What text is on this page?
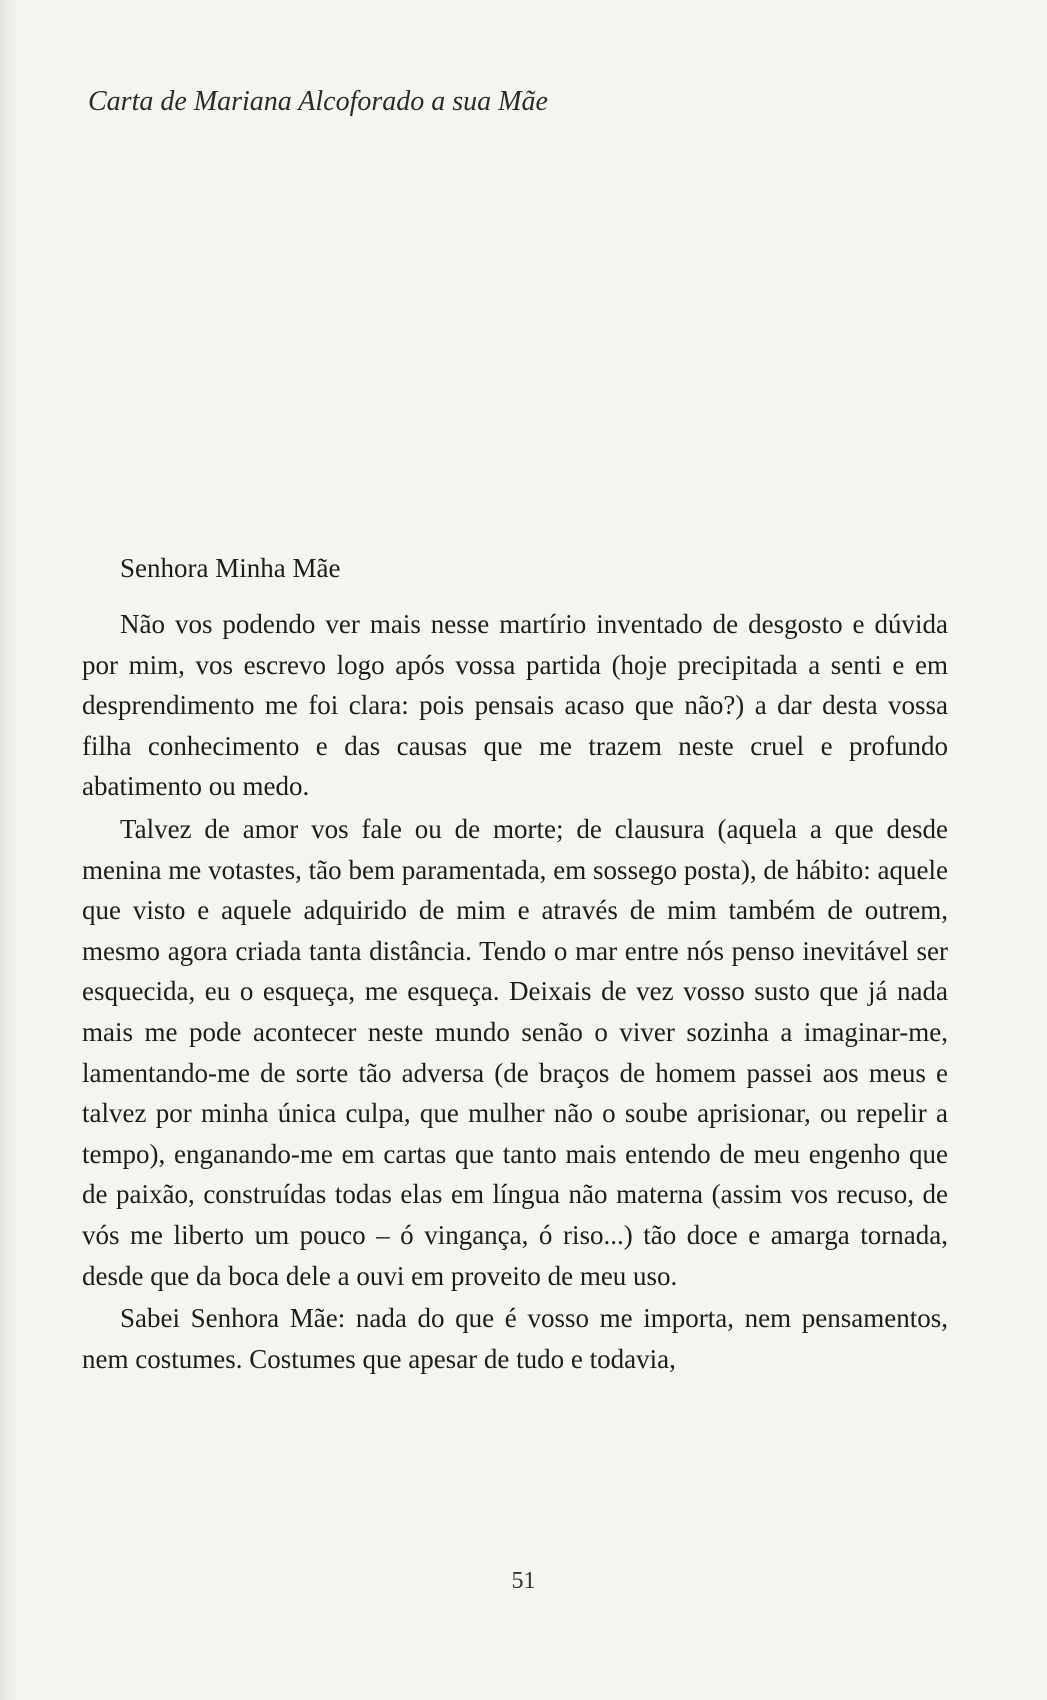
Carta de Mariana Alcoforado a sua Mãe

Senhora Minha Mãe

Não vos podendo ver mais nesse martírio inventado de desgosto e dúvida por mim, vos escrevo logo após vossa partida (hoje precipitada a senti e em desprendimento me foi clara: pois pensais acaso que não?) a dar desta vossa filha conhecimento e das causas que me trazem neste cruel e profundo abatimento ou medo.

Talvez de amor vos fale ou de morte; de clausura (aquela a que desde menina me votastes, tão bem paramentada, em sossego posta), de hábito: aquele que visto e aquele adquirido de mim e através de mim também de outrem, mesmo agora criada tanta distância. Tendo o mar entre nós penso inevitável ser esquecida, eu o esqueça, me esqueça. Deixais de vez vosso susto que já nada mais me pode acontecer neste mundo senão o viver sozinha a imaginar-me, lamentando-me de sorte tão adversa (de braços de homem passei aos meus e talvez por minha única culpa, que mulher não o soube aprisionar, ou repelir a tempo), enganando-me em cartas que tanto mais entendo de meu engenho que de paixão, construídas todas elas em língua não materna (assim vos recuso, de vós me liberto um pouco – ó vingança, ó riso...) tão doce e amarga tornada, desde que da boca dele a ouvi em proveito de meu uso.

Sabei Senhora Mãe: nada do que é vosso me importa, nem pensamentos, nem costumes. Costumes que apesar de tudo e todavia,

51
